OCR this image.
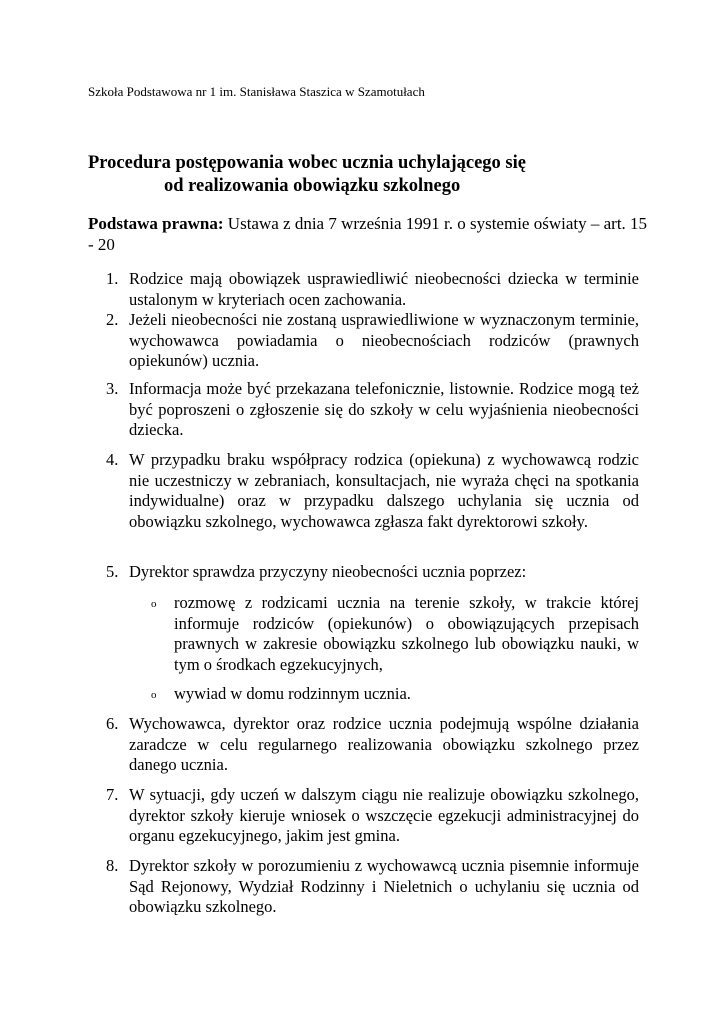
Szkoła Podstawowa nr 1 im. Stanisława Staszica w Szamotułach
Procedura postępowania wobec ucznia uchylającego się
od realizowania obowiązku szkolnego
Podstawa prawna: Ustawa z dnia 7 września 1991 r. o systemie oświaty – art. 15 - 20
1. Rodzice mają obowiązek usprawiedliwić nieobecności dziecka w terminie ustalonym w kryteriach ocen zachowania.
2. Jeżeli nieobecności nie zostaną usprawiedliwione w wyznaczonym terminie, wychowawca powiadamia o nieobecnościach rodziców (prawnych opiekunów) ucznia.
3. Informacja może być przekazana telefonicznie, listownie. Rodzice mogą też być poproszeni o zgłoszenie się do szkoły w celu wyjaśnienia nieobecności dziecka.
4. W przypadku braku współpracy rodzica (opiekuna) z wychowawcą rodzic nie uczestniczy w zebraniach, konsultacjach, nie wyraża chęci na spotkania indywidualne) oraz w przypadku dalszego uchylania się ucznia od obowiązku szkolnego, wychowawca zgłasza fakt dyrektorowi szkoły.
5. Dyrektor sprawdza przyczyny nieobecności ucznia poprzez:
o rozmowę z rodzicami ucznia na terenie szkoły, w trakcie której informuje rodziców (opiekunów) o obowiązujących przepisach prawnych w zakresie obowiązku szkolnego lub obowiązku nauki, w tym o środkach egzekucyjnych,
o wywiad w domu rodzinnym ucznia.
6. Wychowawca, dyrektor oraz rodzice ucznia podejmują wspólne działania zaradcze w celu regularnego realizowania obowiązku szkolnego przez danego ucznia.
7. W sytuacji, gdy uczeń w dalszym ciągu nie realizuje obowiązku szkolnego, dyrektor szkoły kieruje wniosek o wszczęcie egzekucji administracyjnej do organu egzekucyjnego, jakim jest gmina.
8. Dyrektor szkoły w porozumieniu z wychowawcą ucznia pisemnie informuje Sąd Rejonowy, Wydział Rodzinny i Nieletnich o uchylaniu się ucznia od obowiązku szkolnego.
